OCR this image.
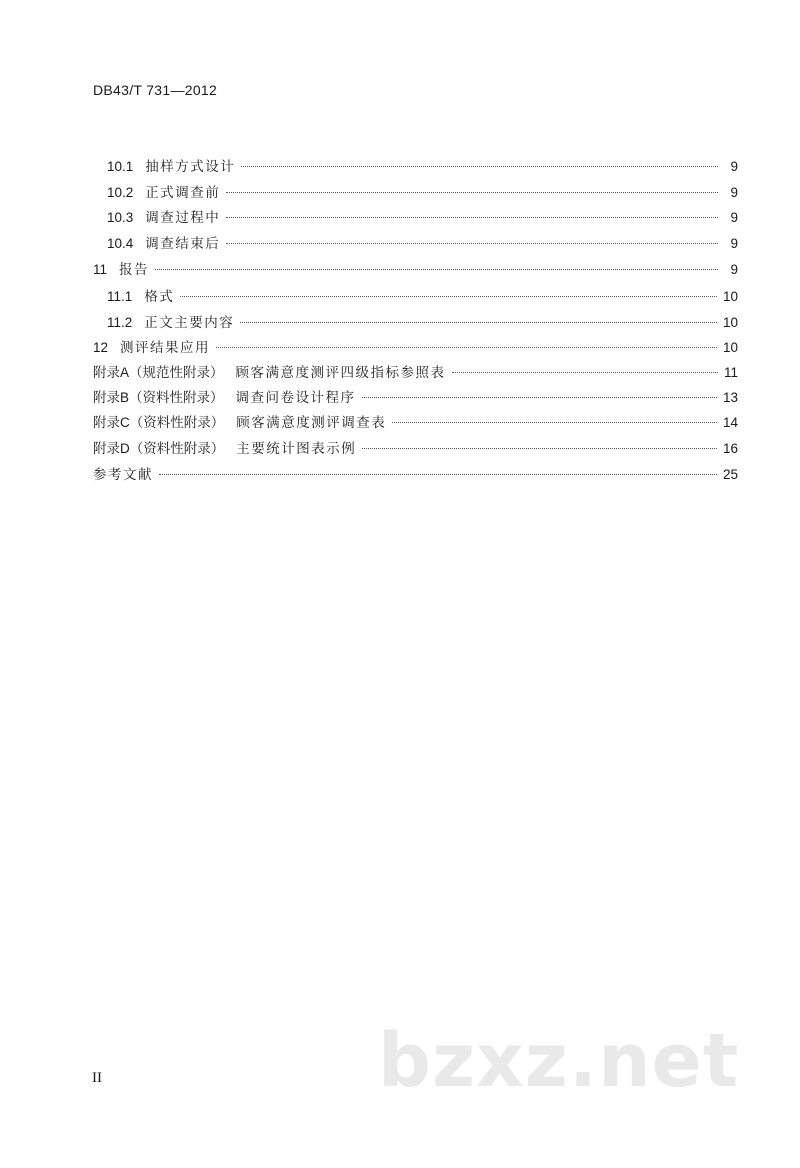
DB43/T 731—2012
10.1 抽样方式设计	9
10.2 正式调查前	9
10.3 调查过程中	9
10.4 调查结束后	9
11 报告	9
11.1 格式	10
11.2 正文主要内容	10
12 测评结果应用	10
附录A（规范性附录） 顾客满意度测评四级指标参照表	11
附录B（资料性附录） 调查问卷设计程序	13
附录C（资料性附录） 顾客满意度测评调查表	14
附录D（资料性附录） 主要统计图表示例	16
参考文献	25
bzxz.net
II
